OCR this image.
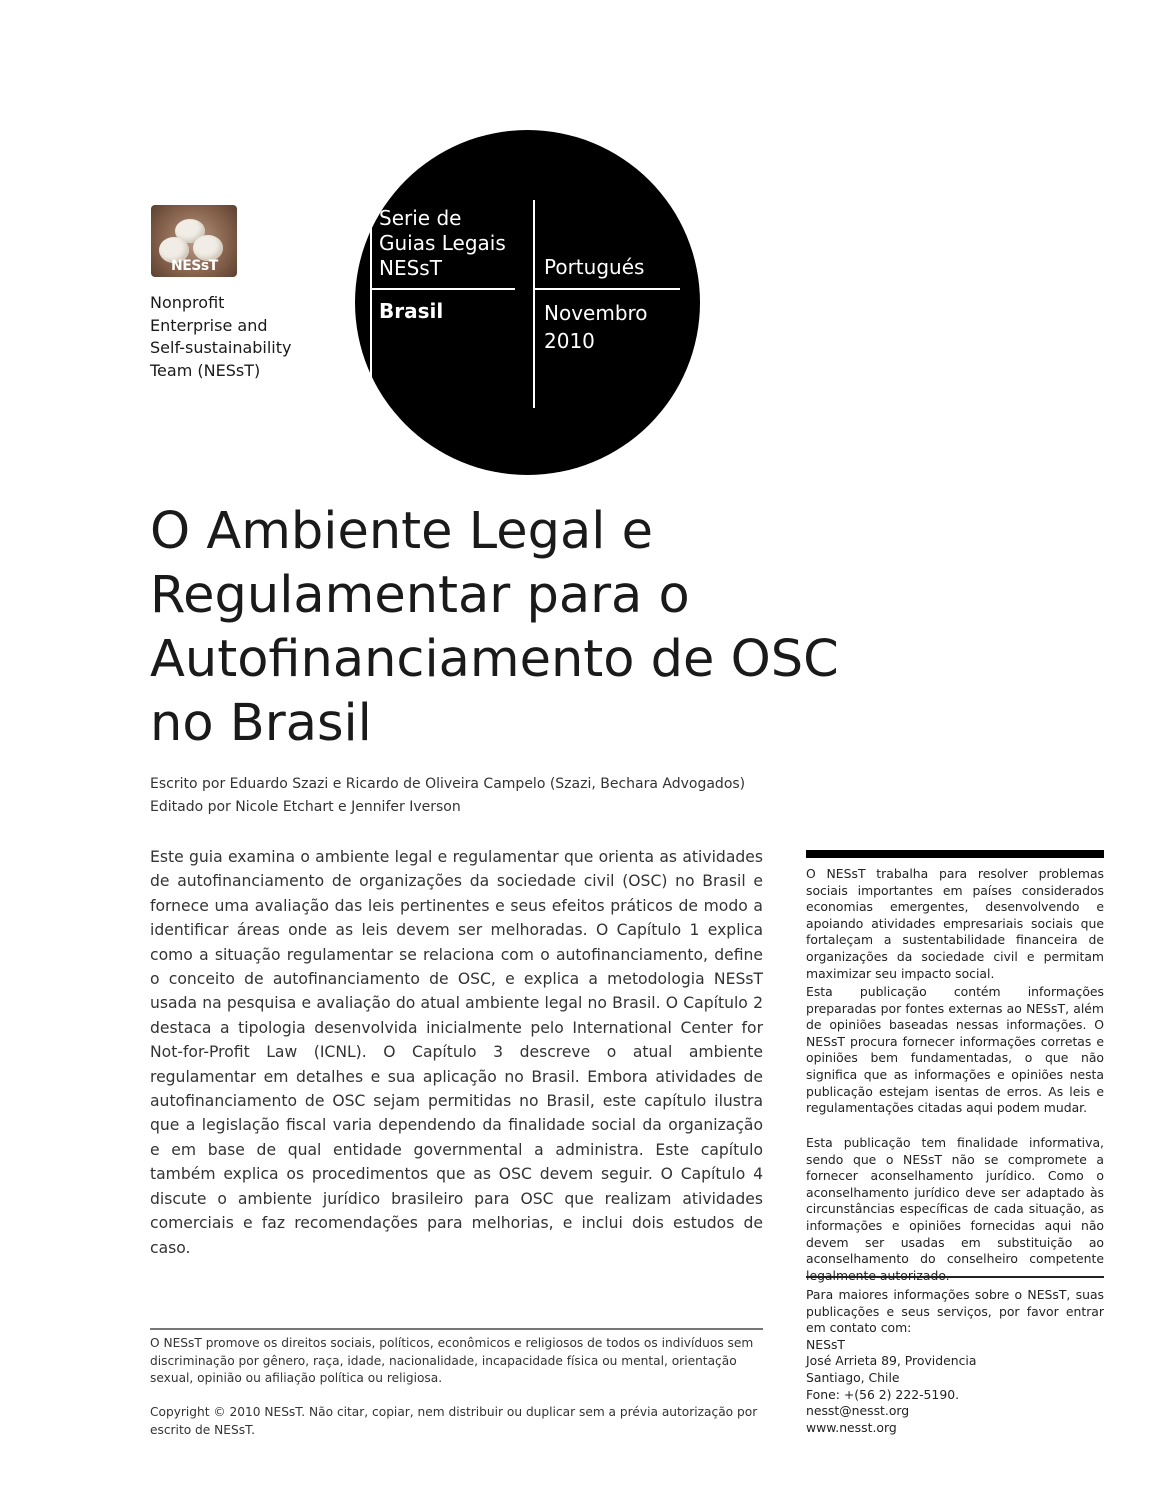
NESsT
Nonprofit
Enterprise and
Self-sustainability
Team (NESsT)
Serie de
Guias Legais
NESsT	Portugués
Brasil	Novembro
2010
O Ambiente Legal e
Regulamentar para o
Autofinanciamento de OSC
no Brasil
Escrito por Eduardo Szazi e Ricardo de Oliveira Campelo (Szazi, Bechara Advogados)
Editado por Nicole Etchart e Jennifer Iverson

Este guia examina o ambiente legal e regulamentar que orienta as atividades de autofinanciamento de organizações da sociedade civil (OSC) no Brasil e fornece uma avaliação das leis pertinentes e seus efeitos práticos de modo a identificar áreas onde as leis devem ser melhoradas. O Capítulo 1 explica como a situação regulamentar se relaciona com o autofinanciamento, define o conceito de autofinanciamento de OSC, e explica a metodologia NESsT usada na pesquisa e avaliação do atual ambiente legal no Brasil. O Capítulo 2 destaca a tipologia desenvolvida inicialmente pelo International Center for Not-for-Profit Law (ICNL). O Capítulo 3 descreve o atual ambiente regulamentar em detalhes e sua aplicação no Brasil. Embora atividades de autofinanciamento de OSC sejam permitidas no Brasil, este capítulo ilustra que a legislação fiscal varia dependendo da finalidade social da organização e em base de qual entidade governmental a administra. Este capítulo também explica os procedimentos que as OSC devem seguir. O Capítulo 4 discute o ambiente jurídico brasileiro para OSC que realizam atividades comerciais e faz recomendações para melhorias, e inclui dois estudos de caso.

O NESsT trabalha para resolver problemas sociais importantes em países considerados economias emergentes, desenvolvendo e apoiando atividades empresariais sociais que fortaleçam a sustentabilidade financeira de organizações da sociedade civil e permitam maximizar seu impacto social.

Esta publicação contém informações preparadas por fontes externas ao NESsT, além de opiniões baseadas nessas informações. O NESsT procura fornecer informações corretas e opiniões bem fundamentadas, o que não significa que as informações e opiniões nesta publicação estejam isentas de erros. As leis e regulamentações citadas aqui podem mudar.

Esta publicação tem finalidade informativa, sendo que o NESsT não se compromete a fornecer aconselhamento jurídico. Como o aconselhamento jurídico deve ser adaptado às circunstâncias específicas de cada situação, as informações e opiniões fornecidas aqui não devem ser usadas em substituição ao aconselhamento do conselheiro competente

Para maiores informações sobre o NESsT, suas publicações e seus serviços, por favor entrar em contato com:
NESsT
José Arrieta 89, Providencia
Santiago, Chile
Fone: +(56 2) 222-5190.
nesst@nesst.org
www.nesst.org

O NESsT promove os direitos sociais, políticos, econômicos e religiosos de todos os indivíduos sem discriminação por gênero, raça, idade, nacionalidade, incapacidade física ou mental, orientação sexual, opinião ou afiliação política ou religiosa.

Copyright © 2010 NESsT. Não citar, copiar, nem distribuir ou duplicar sem a prévia autorização por escrito de NESsT.
